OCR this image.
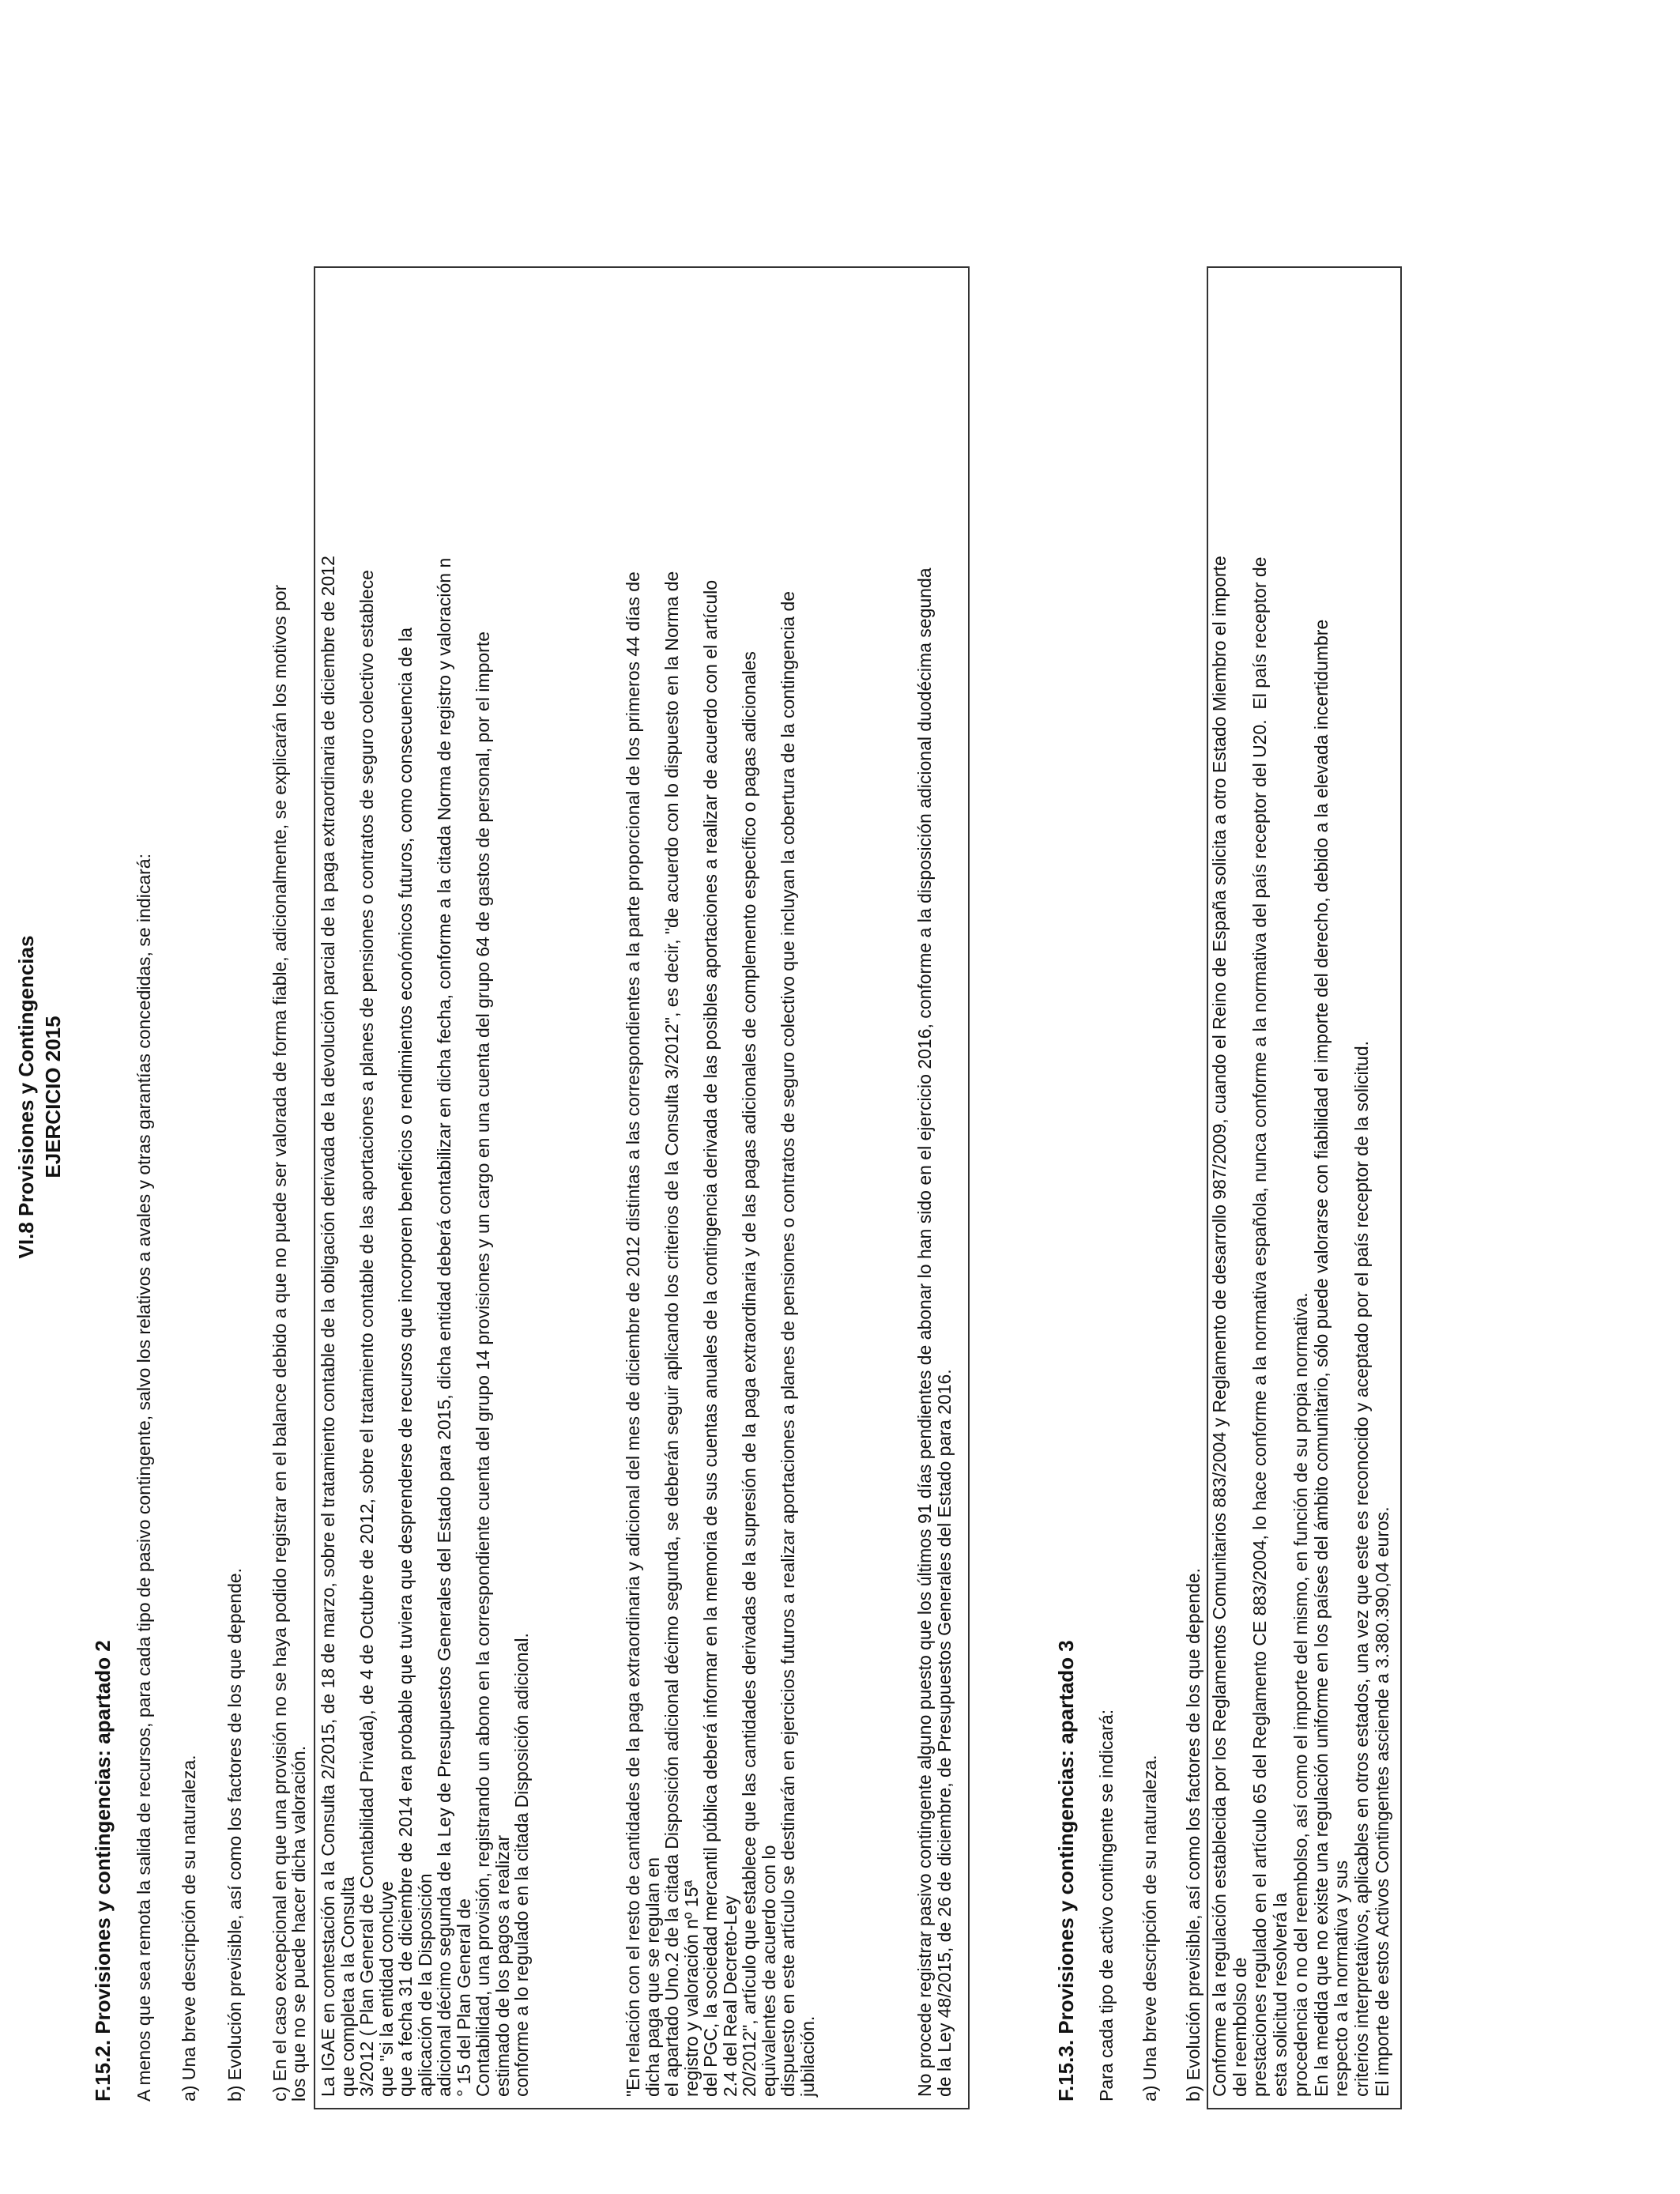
VI.8 Provisiones y Contingencias EJERCICIO 2015
F.15.2. Provisiones y contingencias: apartado 2 A menos que sea remota la salida de recursos, para cada tipo de pasivo contingente, salvo los relativos a avales y otras garantías concedidas, se indicará: a) Una breve descripción de su naturaleza. b) Evolución previsible, así como los factores de los que depende. c) En el caso excepcional en que una provisión no se haya podido registrar en el balance debido a que no puede ser valorada de forma fiable, adicionalmente, se explicarán los motivos por
los que no se puede hacer dicha valoración. La IGAE en contestación a la Consulta 2/2015, de 18 de marzo, sobre el tratamiento contable de la obligación derivada de la devolución parcial de la paga extraordinaria de diciembre de 2012
que completa a la Consulta
3/2012 ( Plan General de Contabilidad Privada), de 4 de Octubre de 2012, sobre el tratamiento contable de las aportaciones a planes de pensiones o contratos de seguro colectivo establece
que "si la entidad concluye
que a fecha 31 de diciembre de 2014 era probable que tuviera que desprenderse de recursos que incorporen beneficios o rendimientos económicos futuros, como consecuencia de la
aplicación de la Disposición
adicional décimo segunda de la Ley de Presupuestos Generales del Estado para 2015, dicha entidad deberá contabilizar en dicha fecha, conforme a la citada Norma de registro y valoración n
° 15 del Plan General de
Contabilidad, una provisión, registrando un abono en la correspondiente cuenta del grupo 14 provisiones y un cargo en una cuenta del grupo 64 de gastos de personal, por el importe
estimado de los pagos a realizar
conforme a lo regulado en la citada Disposición adicional.	"En relación con el resto de cantidades de la paga extraordinaria y adicional del mes de diciembre de 2012 distintas a las correspondientes a la parte proporcional de los primeros 44 días de
dicha paga que se regulan en
el apartado Uno.2 de la citada Disposición adicional décimo segunda, se deberán seguir aplicando los criterios de la Consulta 3/2012", es decir, "de acuerdo con lo dispuesto en la Norma de
registro y valoración nº 15ª
del PGC, la sociedad mercantil pública deberá informar en la memoria de sus cuentas anuales de la contingencia derivada de las posibles aportaciones a realizar de acuerdo con el artículo
2.4 del Real Decreto-Ley
20/2012", artículo que establece que las cantidades derivadas de la supresión de la paga extraordinaria y de las pagas adicionales de complemento específico o pagas adicionales
equivalentes de acuerdo con lo
dispuesto en este artículo se destinarán en ejercicios futuros a realizar aportaciones a planes de pensiones o contratos de seguro colectivo que incluyan la cobertura de la contingencia de
jubilación.	No procede registrar pasivo contingente alguno puesto que los últimos 91 días pendientes de abonar lo han sido en el ejercicio 2016, conforme a la disposición adicional duodécima segunda
de la Ley 48/2015, de 26 de diciembre, de Presupuestos Generales del Estado para 2016.	F.15.3. Provisiones y contingencias: apartado 3 Para cada tipo de activo contingente se indicará: a) Una breve descripción de su naturaleza. b) Evolución previsible, así como los factores de los que depende. Conforme a la regulación establecida por los Reglamentos Comunitarios 883/2004 y Reglamento de desarrollo 987/2009, cuando el Reino de España solicita a otro Estado Miembro el importe del reembolso de prestaciones regulado en el artículo 65 del Reglamento CE 883/2004, lo hace conforme a la normativa española, nunca conforme a la normativa del país receptor del U20.  El país receptor de esta solicitud resolverá la procedencia o no del reembolso, así como el importe del mismo, en función de su propia normativa. En la medida que no existe una regulación uniforme en los países del ámbito comunitario, sólo puede valorarse con fiabilidad el importe del derecho, debido a la elevada incertidumbre respecto a la normativa y sus criterios interpretativos, aplicables en otros estados, una vez que este es reconocido y aceptado por el país receptor de la solicitud. El importe de estos Activos Contingentes asciende a 3.380.390,04 euros.
